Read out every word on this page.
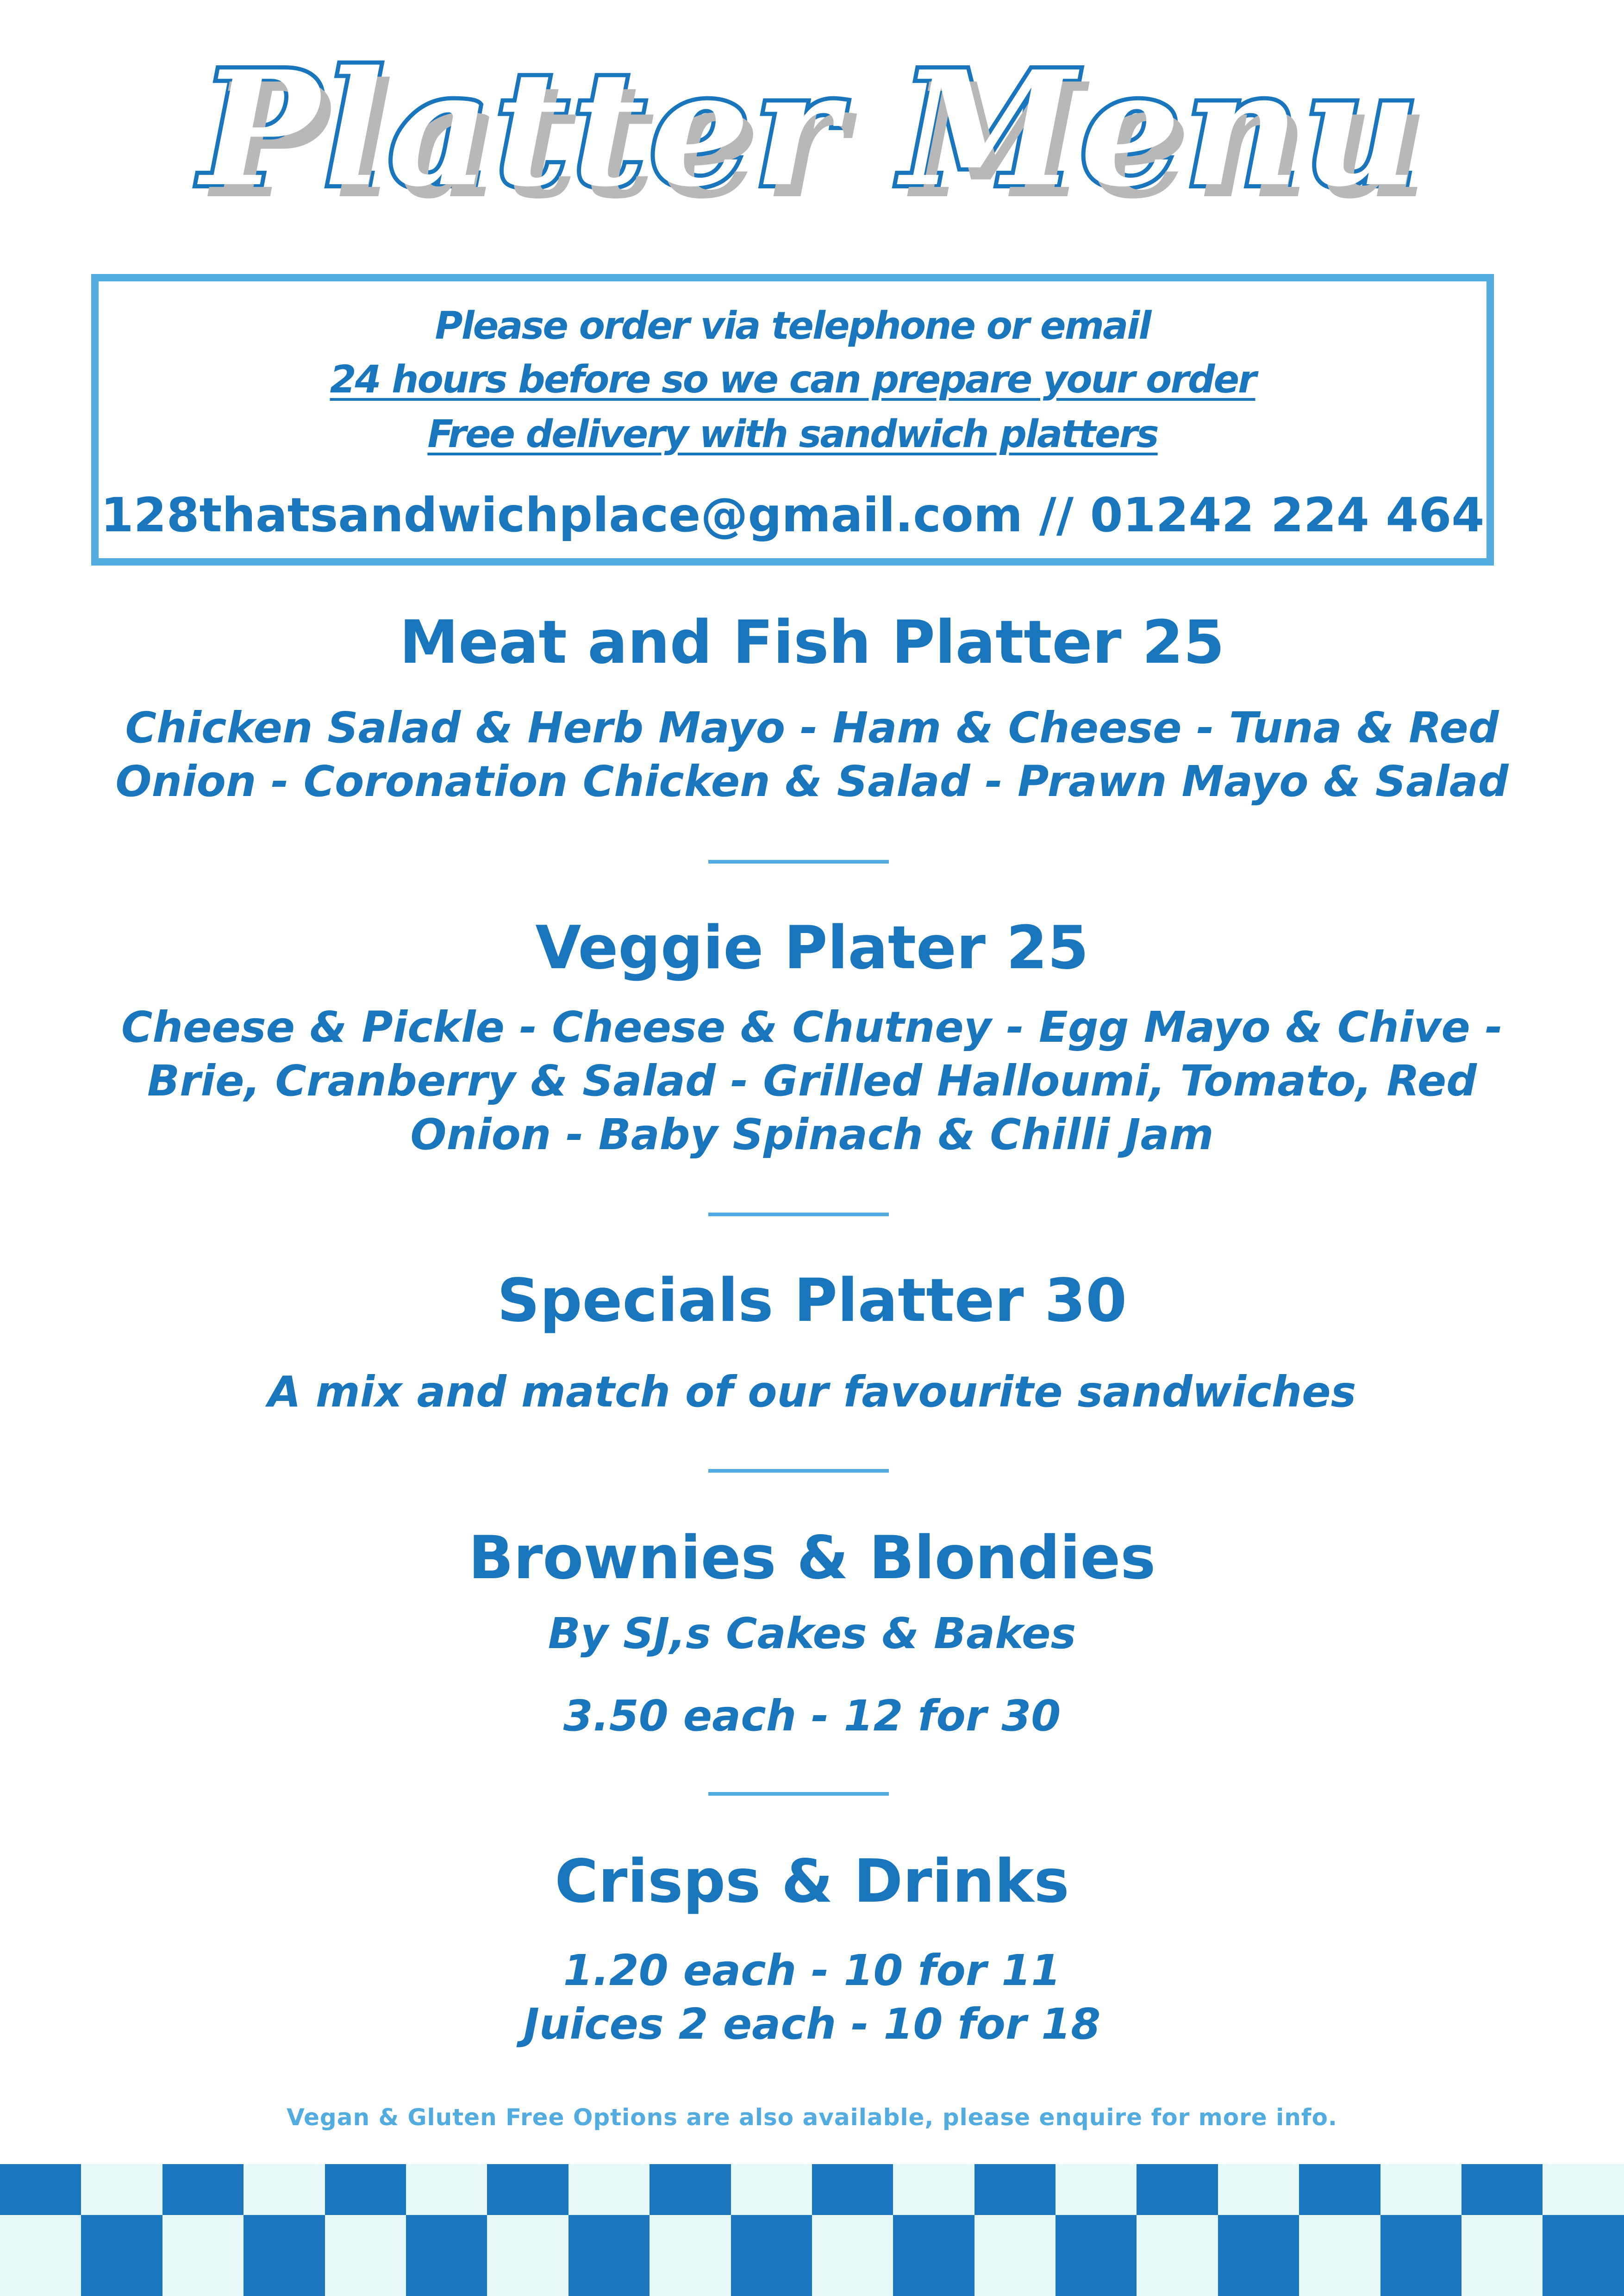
Platter Menu
Please order via telephone or email
24 hours before so we can prepare your order
Free delivery with sandwich platters
128thatsandwichplace@gmail.com // 01242 224 464
Meat and Fish Platter 25
Chicken Salad & Herb Mayo - Ham & Cheese - Tuna & Red
Onion - Coronation Chicken & Salad - Prawn Mayo & Salad
Veggie Plater 25
Cheese & Pickle - Cheese & Chutney - Egg Mayo & Chive -
Brie, Cranberry & Salad - Grilled Halloumi, Tomato, Red
Onion - Baby Spinach & Chilli Jam
Specials Platter 30
A mix and match of our favourite sandwiches
Brownies & Blondies
By SJ,s Cakes & Bakes
3.50 each - 12 for 30
Crisps & Drinks
1.20 each - 10 for 11
Juices 2 each - 10 for 18
Vegan & Gluten Free Options are also available, please enquire for more info.
